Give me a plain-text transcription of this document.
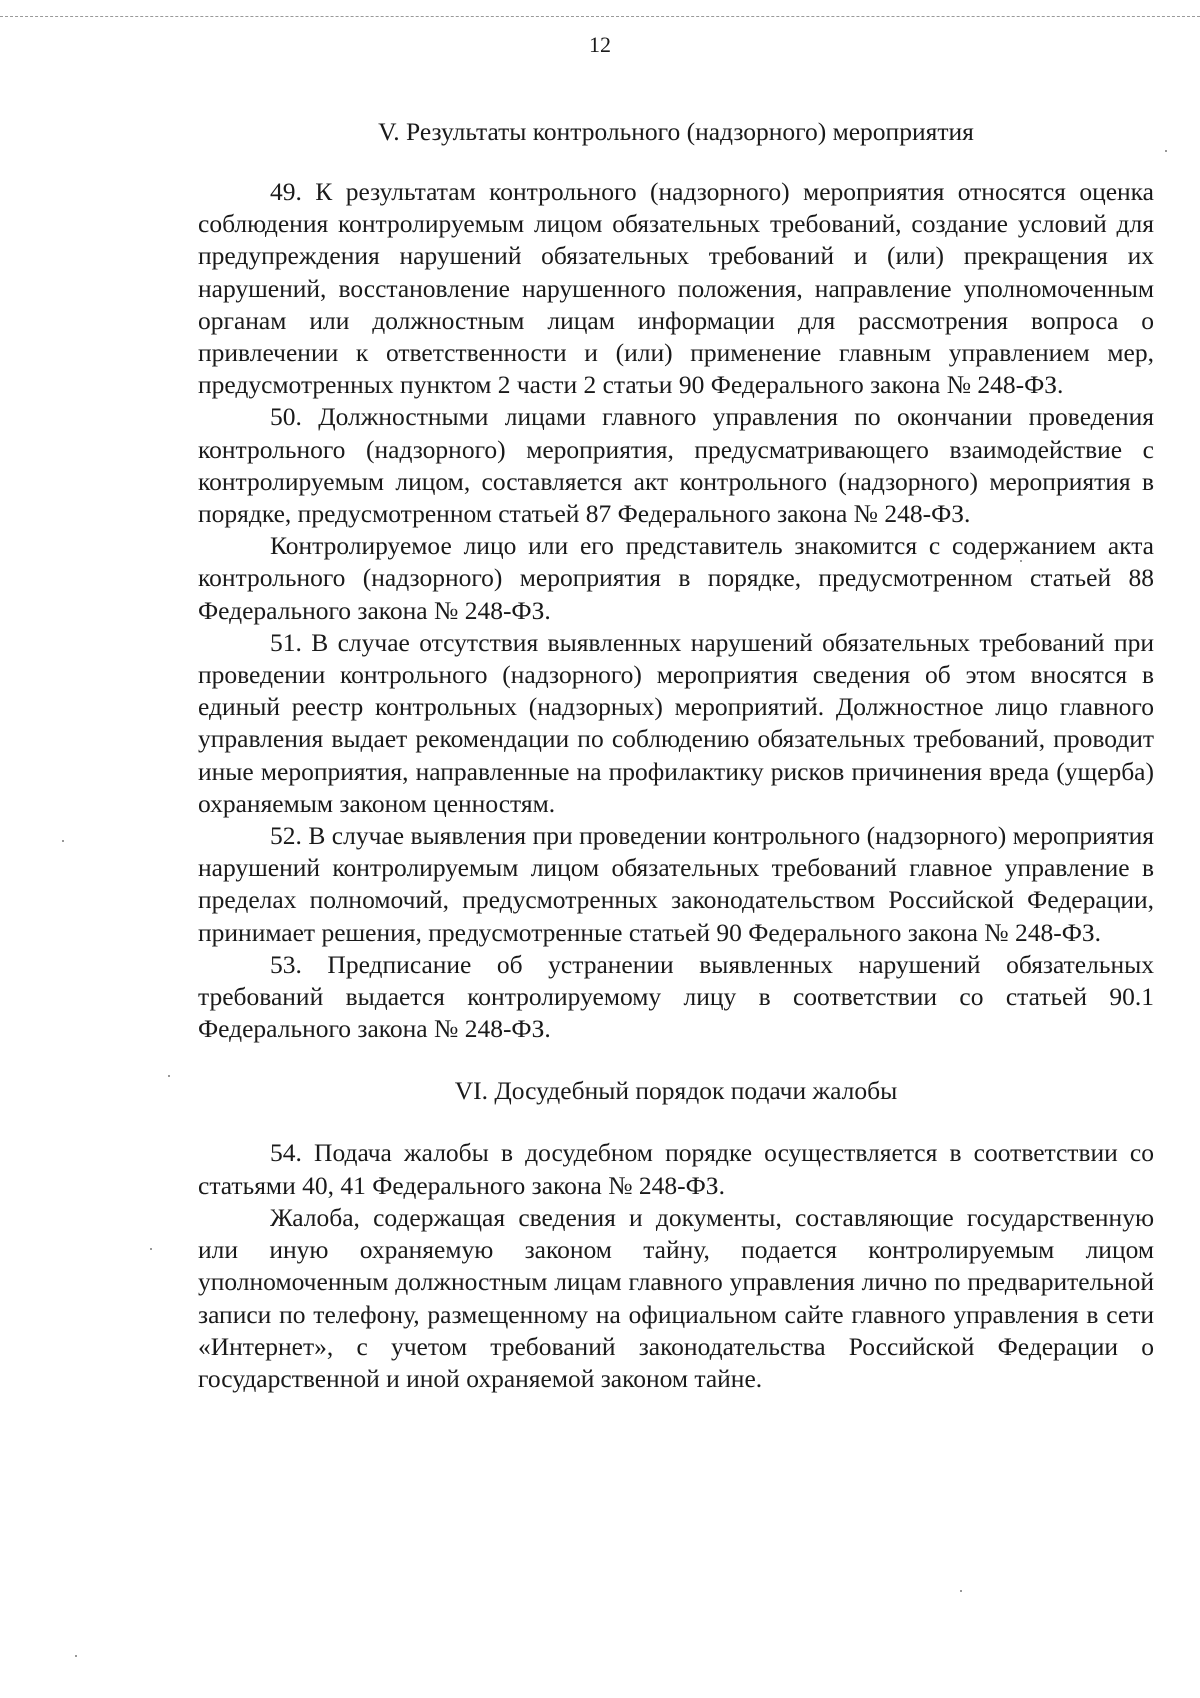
12
V. Результаты контрольного (надзорного) мероприятия

49. К результатам контрольного (надзорного) мероприятия относятся оценка соблюдения контролируемым лицом обязательных требований, создание условий для предупреждения нарушений обязательных требований и (или) прекращения их нарушений, восстановление нарушенного положения, направление уполномоченным органам или должностным лицам информации для рассмотрения вопроса о привлечении к ответственности и (или) применение главным управлением мер, предусмотренных пунктом 2 части 2 статьи 90 Федерального закона № 248-ФЗ.

50. Должностными лицами главного управления по окончании проведения контрольного (надзорного) мероприятия, предусматривающего взаимодействие с контролируемым лицом, составляется акт контрольного (надзорного) мероприятия в порядке, предусмотренном статьей 87 Федерального закона № 248-ФЗ.

Контролируемое лицо или его представитель знакомится с содержанием акта контрольного (надзорного) мероприятия в порядке, предусмотренном статьей 88 Федерального закона № 248-ФЗ.

51. В случае отсутствия выявленных нарушений обязательных требований при проведении контрольного (надзорного) мероприятия сведения об этом вносятся в единый реестр контрольных (надзорных) мероприятий. Должностное лицо главного управления выдает рекомендации по соблюдению обязательных требований, проводит иные мероприятия, направленные на профилактику рисков причинения вреда (ущерба) охраняемым законом ценностям.

52. В случае выявления при проведении контрольного (надзорного) мероприятия нарушений контролируемым лицом обязательных требований главное управление в пределах полномочий, предусмотренных законодательством Российской Федерации, принимает решения, предусмотренные статьей 90 Федерального закона № 248-ФЗ.

53. Предписание об устранении выявленных нарушений обязательных требований выдается контролируемому лицу в соответствии со статьей 90.1 Федерального закона № 248-ФЗ.

VI. Досудебный порядок подачи жалобы

54. Подача жалобы в досудебном порядке осуществляется в соответствии со статьями 40, 41 Федерального закона № 248-ФЗ.

Жалоба, содержащая сведения и документы, составляющие государственную или иную охраняемую законом тайну, подается контролируемым лицом уполномоченным должностным лицам главного управления лично по предварительной записи по телефону, размещенному на официальном сайте главного управления в сети «Интернет», с учетом требований законодательства Российской Федерации о государственной и иной охраняемой законом тайне.
